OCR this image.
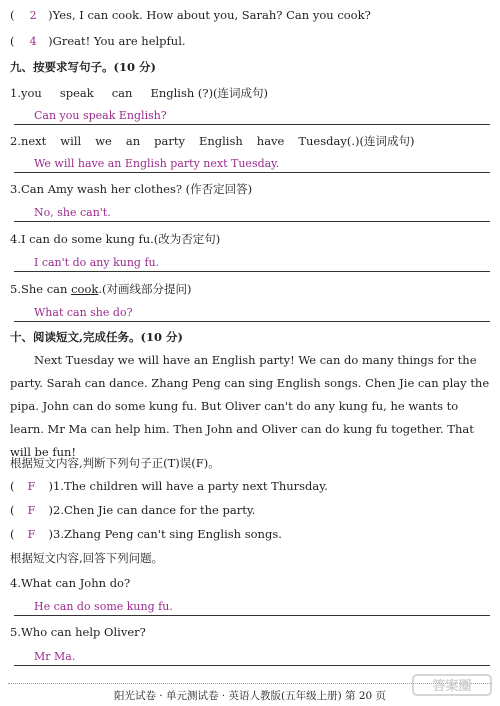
( 2 )Yes, I can cook. How about you, Sarah? Can you cook?
( 4 )Great! You are helpful.
九、按要求写句子。(10 分)
1.you speak can English (?)(连词成句)
Can you speak English?
2.next will we an party English have Tuesday(.)(连词成句)
We will have an English party next Tuesday.
3.Can Amy wash her clothes? (作否定回答)
No, she can't.
4.I can do some kung fu.(改为否定句)
I can't do any kung fu.
5.She can cook.(对画线部分提问)
What can she do?
十、阅读短文,完成任务。(10 分)
Next Tuesday we will have an English party! We can do many things for the party. Sarah can dance. Zhang Peng can sing English songs. Chen Jie can play the pipa. John can do some kung fu. But Oliver can't do any kung fu, he wants to learn. Mr Ma can help him. Then John and Oliver can do kung fu together. That will be fun!
根据短文内容,判断下列句子正(T)误(F)。
( F )1.The children will have a party next Thursday.
( F )2.Chen Jie can dance for the party.
( F )3.Zhang Peng can't sing English songs.
根据短文内容,回答下列问题。
4.What can John do?
He can do some kung fu.
5.Who can help Oliver?
Mr Ma.
阳光试卷 · 单元测试卷 · 英语人教版(五年级上册) 第 20 页
答案圈
